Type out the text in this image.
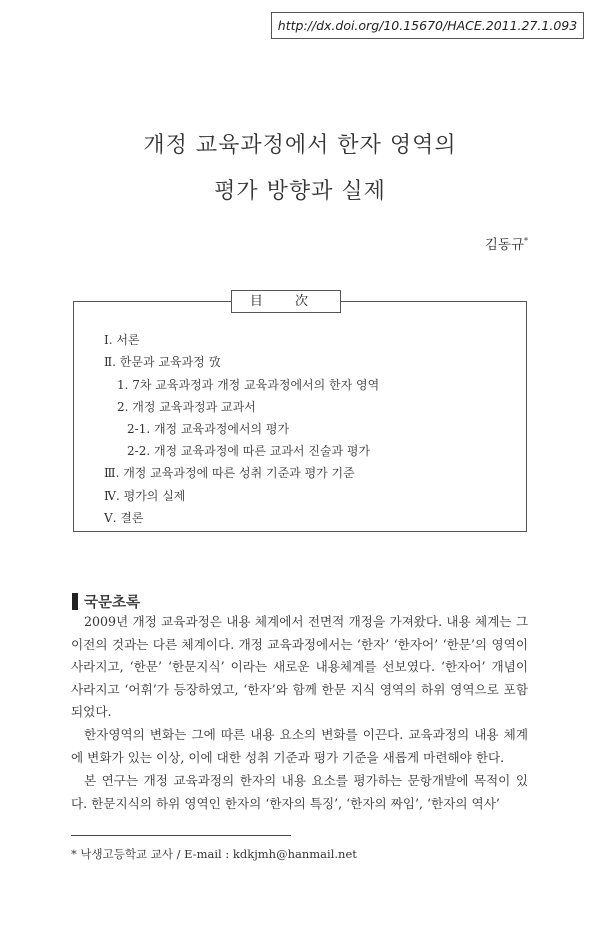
http://dx.doi.org/10.15670/HACE.2011.27.1.093
개정 교육과정에서 한자 영역의
평가 방향과 실제
김동규*
目 次
Ⅰ. 서론
Ⅱ. 한문과 교육과정 攷
1. 7차 교육과정과 개정 교육과정에서의 한자 영역
2. 개정 교육과정과 교과서
2-1. 개정 교육과정에서의 평가
2-2. 개정 교육과정에 따른 교과서 진술과 평가
Ⅲ. 개정 교육과정에 따른 성취 기준과 평가 기준
Ⅳ. 평가의 실제
Ⅴ. 결론
국문초록
2009년 개정 교육과정은 내용 체계에서 전면적 개정을 가져왔다. 내용 체계는 그 이전의 것과는 다른 체계이다. 개정 교육과정에서는 ‘한자’ ‘한자어’ ‘한문’의 영역이 사라지고, ‘한문’ ‘한문지식’ 이라는 새로운 내용체계를 선보였다. ‘한자어’ 개념이 사라지고 ‘어휘’가 등장하였고, ‘한자’와 함께 한문 지식 영역의 하위 영역으로 포함되었다.
한자영역의 변화는 그에 따른 내용 요소의 변화를 이끈다. 교육과정의 내용 체계에 변화가 있는 이상, 이에 대한 성취 기준과 평가 기준을 새롭게 마련해야 한다.
본 연구는 개정 교육과정의 한자의 내용 요소를 평가하는 문항개발에 목적이 있다. 한문지식의 하위 영역인 한자의 ‘한자의 특징’, ‘한자의 짜임’, ‘한자의 역사’
* 낙생고등학교 교사 / E-mail : kdkjmh@hanmail.net
